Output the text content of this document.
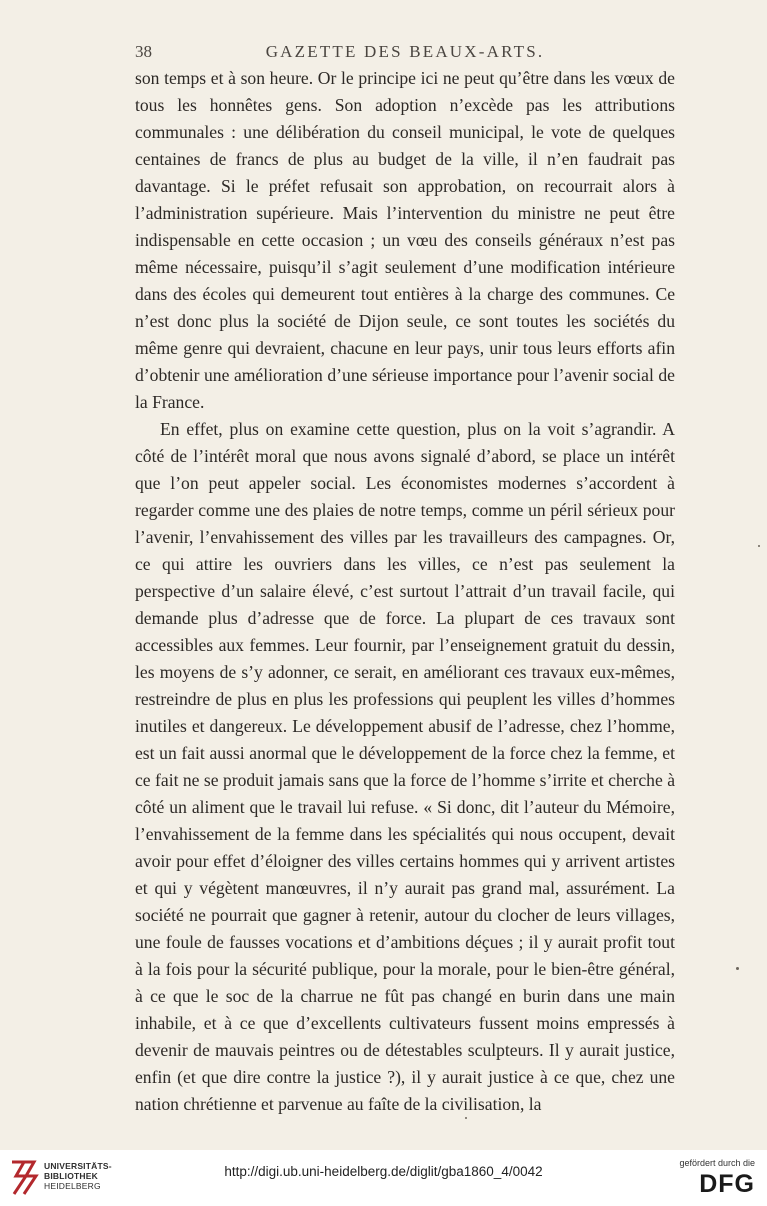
38	GAZETTE DES BEAUX-ARTS.

son temps et à son heure. Or le principe ici ne peut qu’être dans les vœux de tous les honnêtes gens. Son adoption n’excède pas les attributions communales : une délibération du conseil municipal, le vote de quelques centaines de francs de plus au budget de la ville, il n’en faudrait pas davantage. Si le préfet refusait son approbation, on recourrait alors à l’administration supérieure. Mais l’intervention du ministre ne peut être indispensable en cette occasion ; un vœu des conseils généraux n’est pas même nécessaire, puisqu’il s’agit seulement d’une modification intérieure dans des écoles qui demeurent tout entières à la charge des communes. Ce n’est donc plus la société de Dijon seule, ce sont toutes les sociétés du même genre qui devraient, chacune en leur pays, unir tous leurs efforts afin d’obtenir une amélioration d’une sérieuse importance pour l’avenir social de la France.

En effet, plus on examine cette question, plus on la voit s’agrandir. A côté de l’intérêt moral que nous avons signalé d’abord, se place un intérêt que l’on peut appeler social. Les économistes modernes s’accordent à regarder comme une des plaies de notre temps, comme un péril sérieux pour l’avenir, l’envahissement des villes par les travailleurs des campagnes. Or, ce qui attire les ouvriers dans les villes, ce n’est pas seulement la perspective d’un salaire élevé, c’est surtout l’attrait d’un travail facile, qui demande plus d’adresse que de force. La plupart de ces travaux sont accessibles aux femmes. Leur fournir, par l’enseignement gratuit du dessin, les moyens de s’y adonner, ce serait, en améliorant ces travaux eux-mêmes, restreindre de plus en plus les professions qui peuplent les villes d’hommes inutiles et dangereux. Le développement abusif de l’adresse, chez l’homme, est un fait aussi anormal que le développement de la force chez la femme, et ce fait ne se produit jamais sans que la force de l’homme s’irrite et cherche à côté un aliment que le travail lui refuse. « Si donc, dit l’auteur du Mémoire, l’envahissement de la femme dans les spécialités qui nous occupent, devait avoir pour effet d’éloigner des villes certains hommes qui y arrivent artistes et qui y végètent manœuvres, il n’y aurait pas grand mal, assurément. La société ne pourrait que gagner à retenir, autour du clocher de leurs villages, une foule de fausses vocations et d’ambitions déçues ; il y aurait profit tout à la fois pour la sécurité publique, pour la morale, pour le bien-être général, à ce que le soc de la charrue ne fût pas changé en burin dans une main inhabile, et à ce que d’excellents cultivateurs fussent moins empressés à devenir de mauvais peintres ou de détestables sculpteurs. Il y aurait justice, enfin (et que dire contre la justice ?), il y aurait justice à ce que, chez une nation chrétienne et parvenue au faîte de la civilisation, la

UNIVERSITÄTS-
BIBLIOTHEK
HEIDELBERG
http://digi.ub.uni-heidelberg.de/diglit/gba1860_4/0042
gefördert durch die
DFG
